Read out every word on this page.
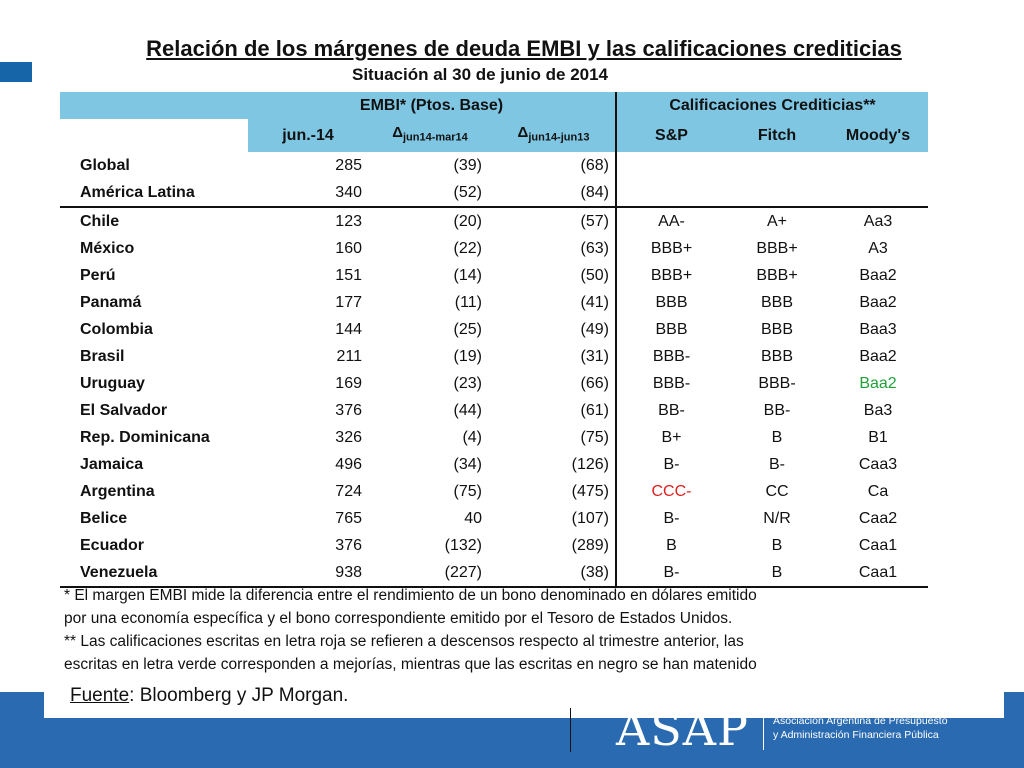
Relación de los márgenes de deuda EMBI y las calificaciones crediticias
Situación al 30 de junio de 2014
	EMBI* (Ptos. Base)			Calificaciones Crediticias**		
	jun.-14	$\Delta_{jun14-mar14}$	$\Delta_{jun14-jun13}$	S&P	Fitch	Moody's
Global	285	(39)	(68)			
América Latina	340	(52)	(84)			
Chile	123	(20)	(57)	AA-	A+	Aa3
México	160	(22)	(63)	BBB+	BBB+	A3
Perú	151	(14)	(50)	BBB+	BBB+	Baa2
Panamá	177	(11)	(41)	BBB	BBB	Baa2
Colombia	144	(25)	(49)	BBB	BBB	Baa3
Brasil	211	(19)	(31)	BBB-	BBB	Baa2
Uruguay	169	(23)	(66)	BBB-	BBB-	Baa2
El Salvador	376	(44)	(61)	BB-	BB-	Ba3
Rep. Dominicana	326	(4)	(75)	B+	B	B1
Jamaica	496	(34)	(126)	B-	B-	Caa3
Argentina	724	(75)	(475)	CCC-	CC	Ca
Belice	765	40	(107)	B-	N/R	Caa2
Ecuador	376	(132)	(289)	B	B	Caa1
Venezuela	938	(227)	(38)	B-	B	Caa1
* El margen EMBI mide la diferencia entre el rendimiento de un bono denominado en dólares emitido
por una economía específica y el bono correspondiente emitido por el Tesoro de Estados Unidos.
** Las calificaciones escritas en letra roja se refieren a descensos respecto al trimestre anterior, las
escritas en letra verde corresponden a mejorías, mientras que las escritas en negro se han matenido
Fuente: Bloomberg y JP Morgan.
ASAP Asociación Argentina de Presupuesto
y Administración Financiera Pública
